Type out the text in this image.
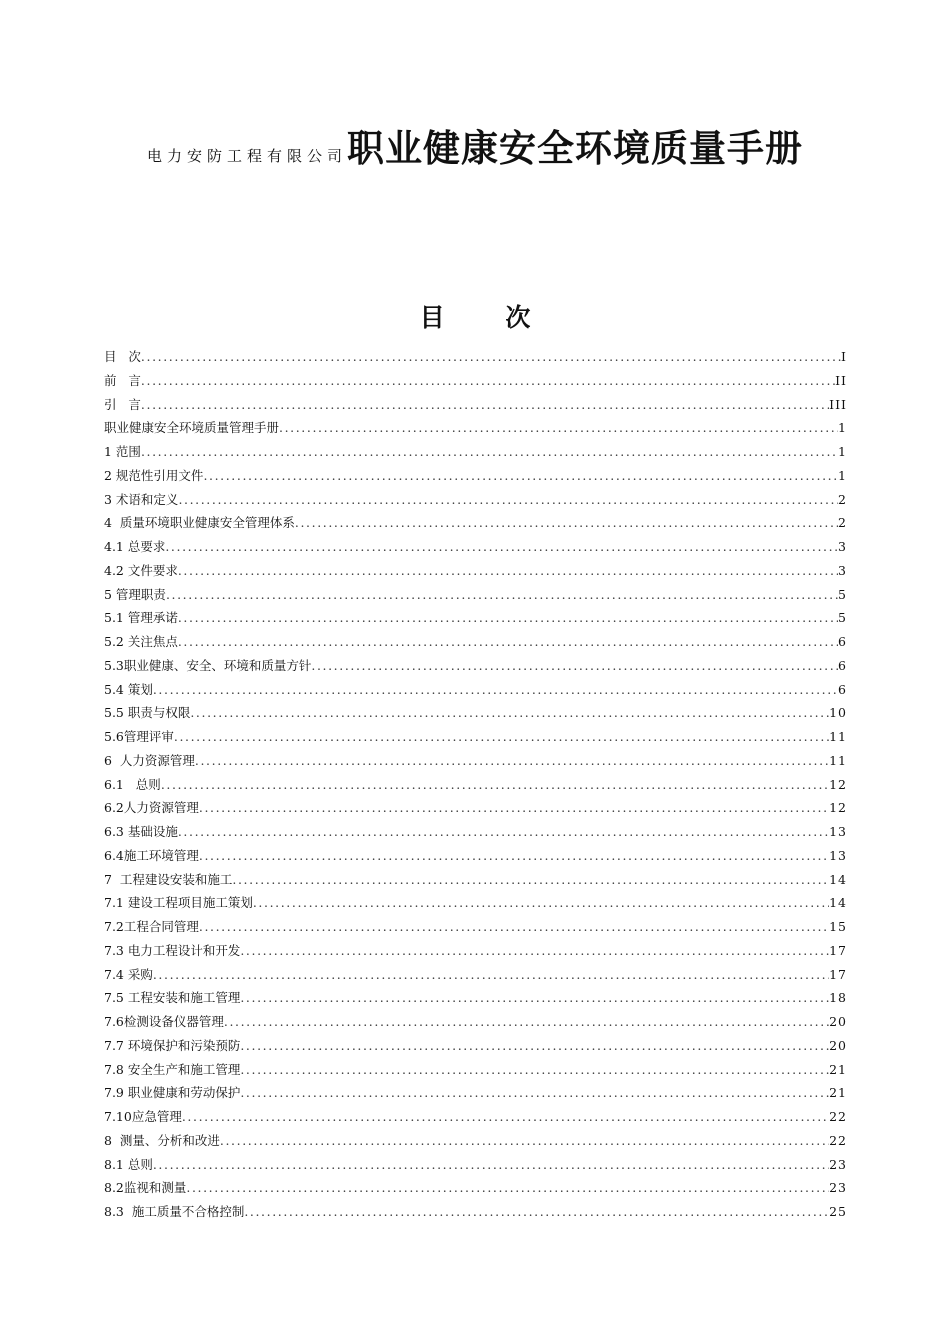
电力安防工程有限公司职业健康安全环境质量手册
目 次
目   次 .....	I
前   言 .....	II
引   言 .....	III
职业健康安全环境质量管理手册 .....	1
1 范围 .....	1
2 规范性引用文件 .....	1
3 术语和定义 .....	2
4  质量环境职业健康安全管理体系 .....	2
4.1 总要求 .....	3
4.2 文件要求 .....	3
5 管理职责 .....	5
5.1 管理承诺 .....	5
5.2 关注焦点 .....	6
5.3职业健康、安全、环境和质量方针 .....	6
5.4 策划 .....	6
5.5 职责与权限 .....	10
5.6管理评审 .....	11
6  人力资源管理 .....	11
6.1   总则 .....	12
6.2人力资源管理 .....	12
6.3 基础设施 .....	13
6.4施工环境管理 .....	13
7  工程建设安装和施工 .....	14
7.1 建设工程项目施工策划 .....	14
7.2工程合同管理 .....	15
7.3 电力工程设计和开发 .....	17
7.4 采购 .....	17
7.5 工程安装和施工管理 .....	18
7.6检测设备仪器管理 .....	20
7.7 环境保护和污染预防 .....	20
7.8 安全生产和施工管理 .....	21
7.9 职业健康和劳动保护 .....	21
7.10应急管理 .....	22
8  测量、分析和改进 .....	22
8.1 总则 .....	23
8.2监视和测量 .....	23
8.3  施工质量不合格控制 .....	25
